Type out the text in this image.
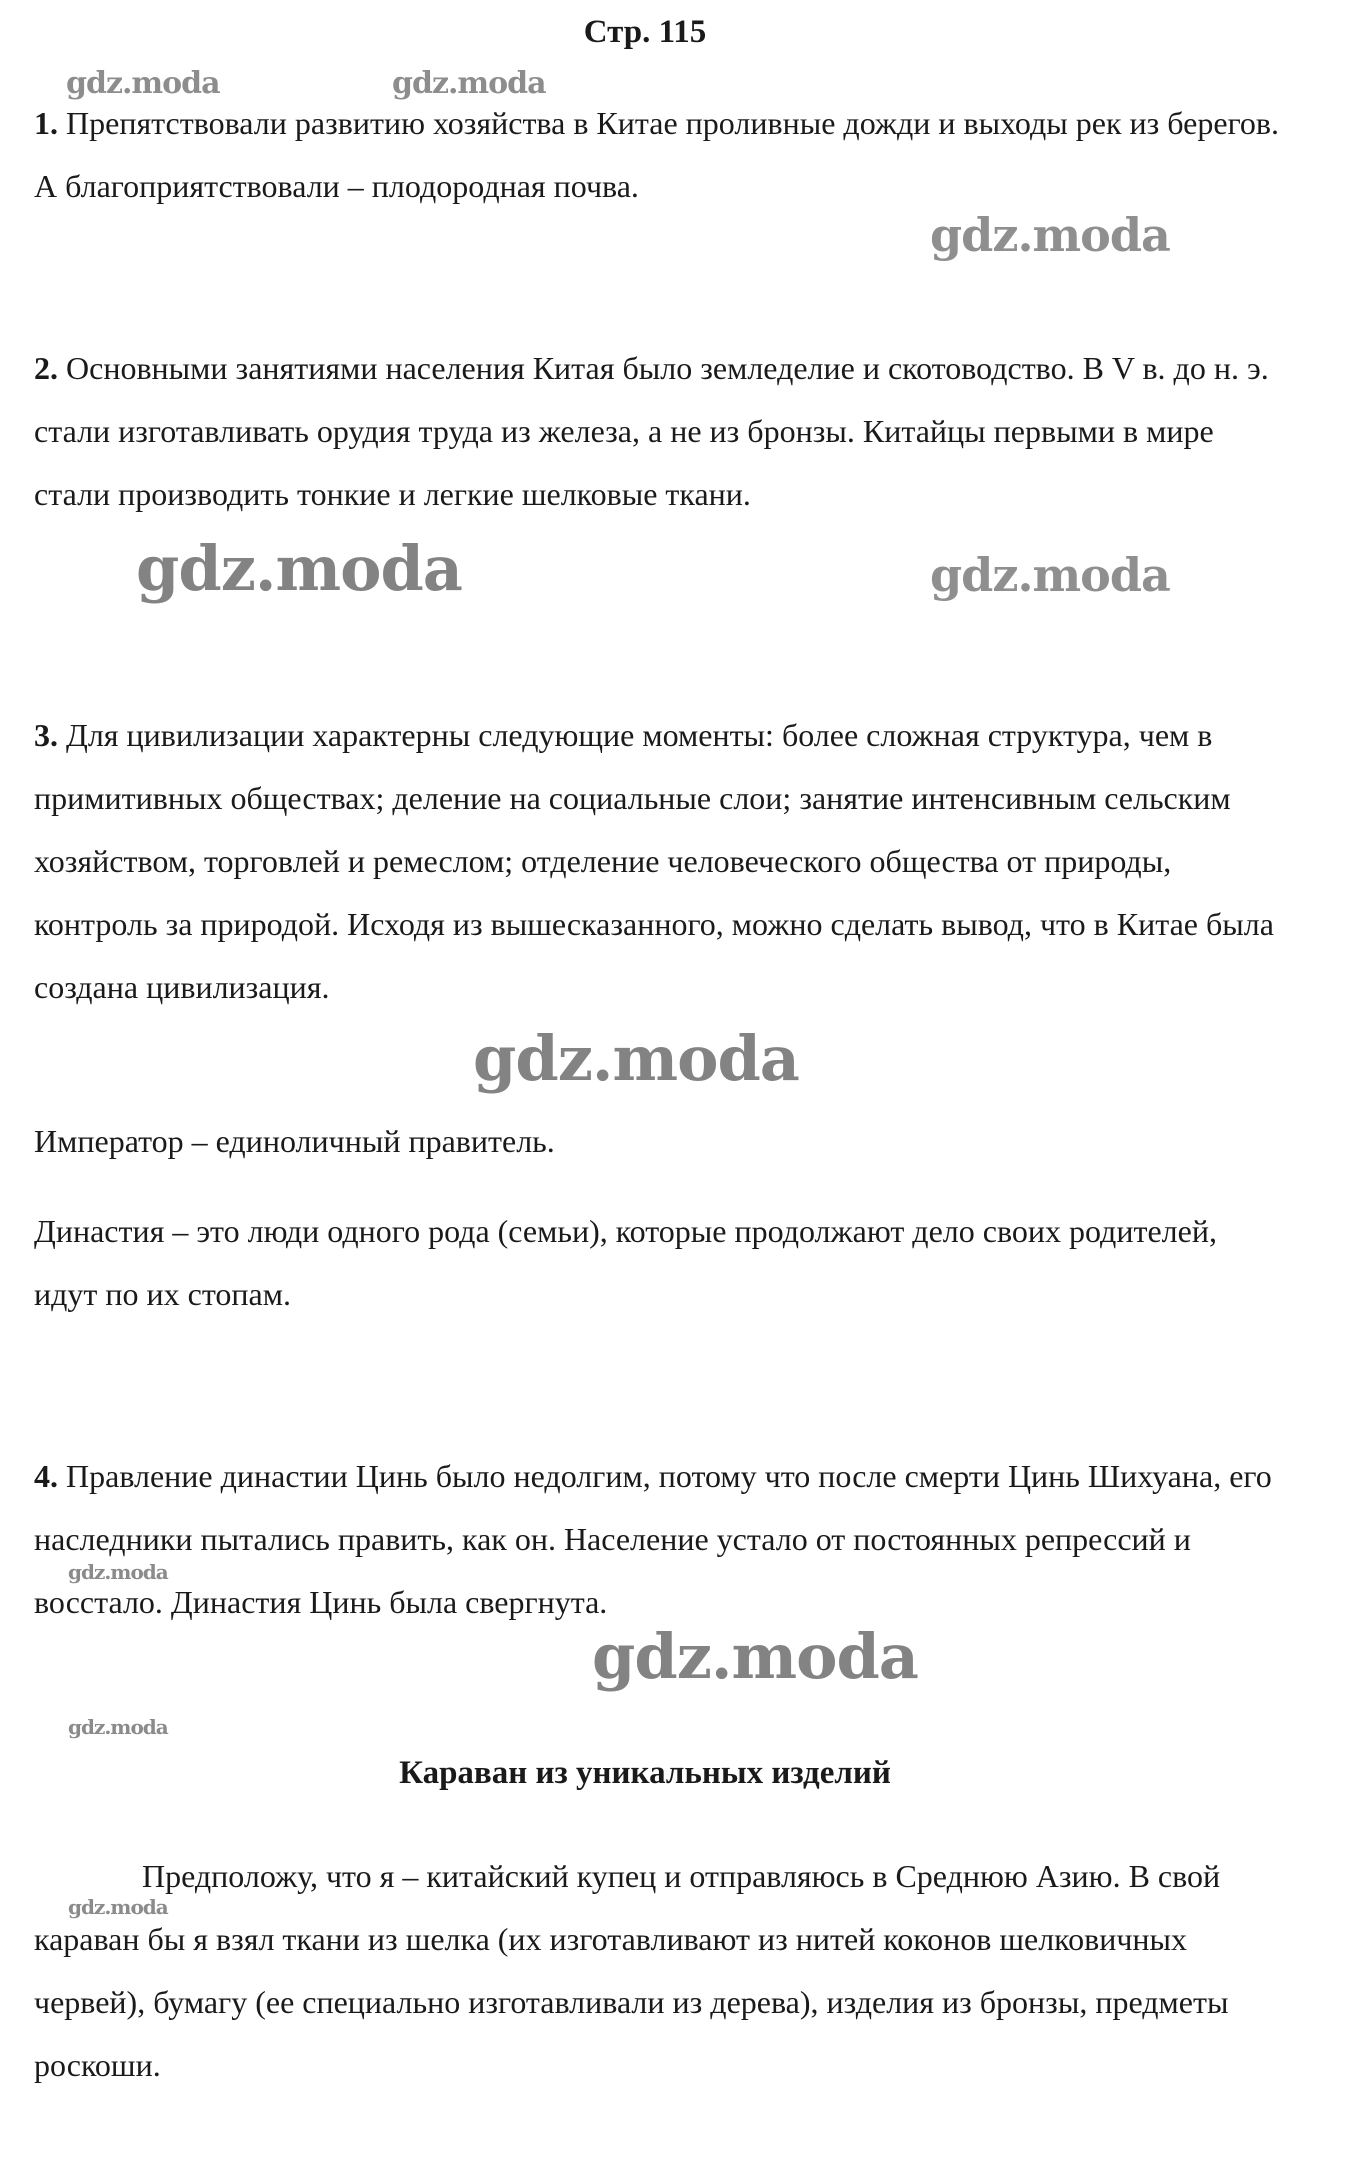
Стр. 115

1. Препятствовали развитию хозяйства в Китае проливные дожди и выходы рек из берегов. А благоприятствовали – плодородная почва.

2. Основными занятиями населения Китая было земледелие и скотоводство. В V в. до н. э. стали изготавливать орудия труда из железа, а не из бронзы. Китайцы первыми в мире стали производить тонкие и легкие шелковые ткани.

3. Для цивилизации характерны следующие моменты: более сложная структура, чем в примитивных обществах; деление на социальные слои; занятие интенсивным сельским хозяйством, торговлей и ремеслом; отделение человеческого общества от природы, контроль за природой. Исходя из вышесказанного, можно сделать вывод, что в Китае была создана цивилизация.

Император – единоличный правитель.

Династия – это люди одного рода (семьи), которые продолжают дело своих родителей, идут по их стопам.

4. Правление династии Цинь было недолгим, потому что после смерти Цинь Шихуана, его наследники пытались править, как он. Население устало от постоянных репрессий и восстало. Династия Цинь была свергнута.

Караван из уникальных изделий

Предположу, что я – китайский купец и отправляюсь в Среднюю Азию. В свой караван бы я взял ткани из шелка (их изготавливают из нитей коконов шелковичных червей), бумагу (ее специально изготавливали из дерева), изделия из бронзы, предметы роскоши.

gdz.moda	gdz.moda
gdz.moda
gdz.moda	gdz.moda
gdz.moda
gdz.moda
gdz.moda
gdz.moda
gdz.moda
